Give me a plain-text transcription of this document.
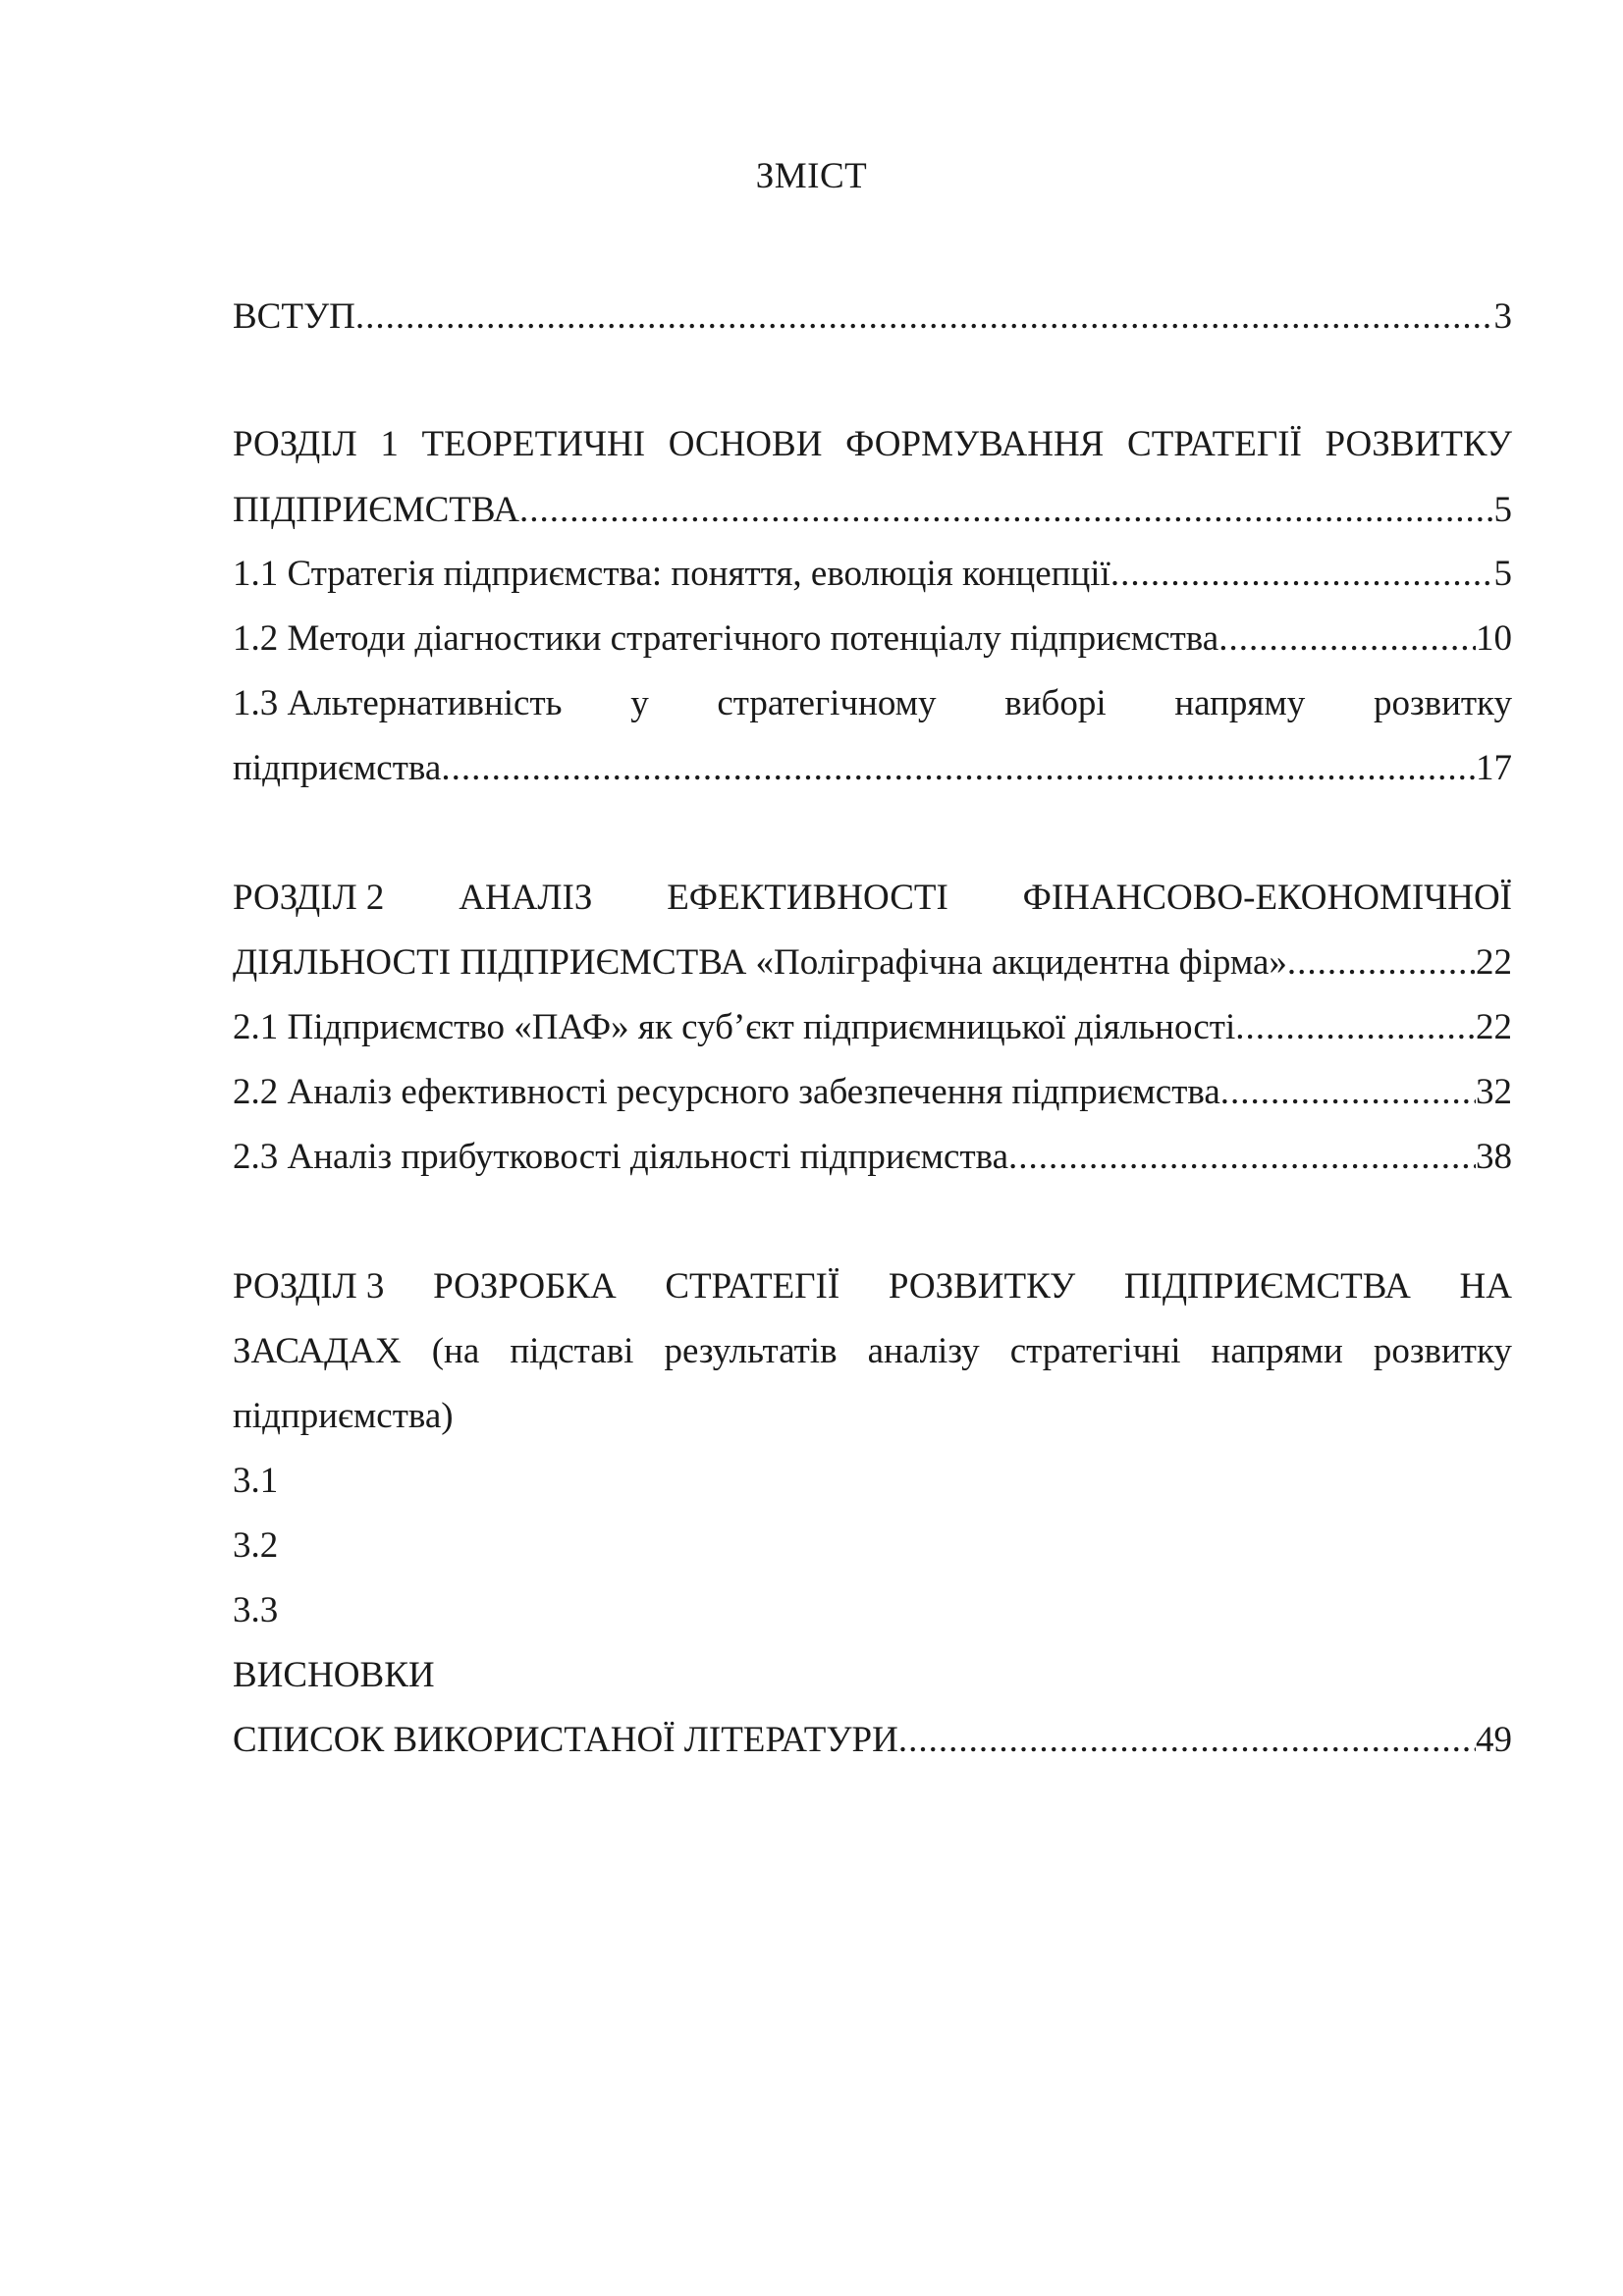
ЗМІСТ
ВСТУП .....	3
РОЗДІЛ 1 ТЕОРЕТИЧНІ ОСНОВИ ФОРМУВАННЯ СТРАТЕГІЇ РОЗВИТКУ
ПІДПРИЄМСТВА .....	5
1.1 Стратегія підприємства: поняття, еволюція концепції .....	5
1.2 Методи діагностики стратегічного потенціалу підприємства .....	10
1.3 Альтернативність у стратегічному виборі напряму розвитку
підприємства .....	17
РОЗДІЛ 2 АНАЛІЗ ЕФЕКТИВНОСТІ ФІНАНСОВО-ЕКОНОМІЧНОЇ
ДІЯЛЬНОСТІ ПІДПРИЄМСТВА «Поліграфічна акцидентна фірма» .....	22
2.1 Підприємство «ПАФ» як суб’єкт підприємницької діяльності .....	22
2.2 Аналіз ефективності ресурсного забезпечення підприємства .....	32
2.3 Аналіз прибутковості діяльності підприємства .....	38
РОЗДІЛ 3 РОЗРОБКА СТРАТЕГІЇ РОЗВИТКУ ПІДПРИЄМСТВА НА
ЗАСАДАХ (на підставі результатів аналізу стратегічні напрями розвитку
підприємства)
3.1
3.2
3.3
ВИСНОВКИ
СПИСОК ВИКОРИСТАНОЇ ЛІТЕРАТУРИ .....	49
